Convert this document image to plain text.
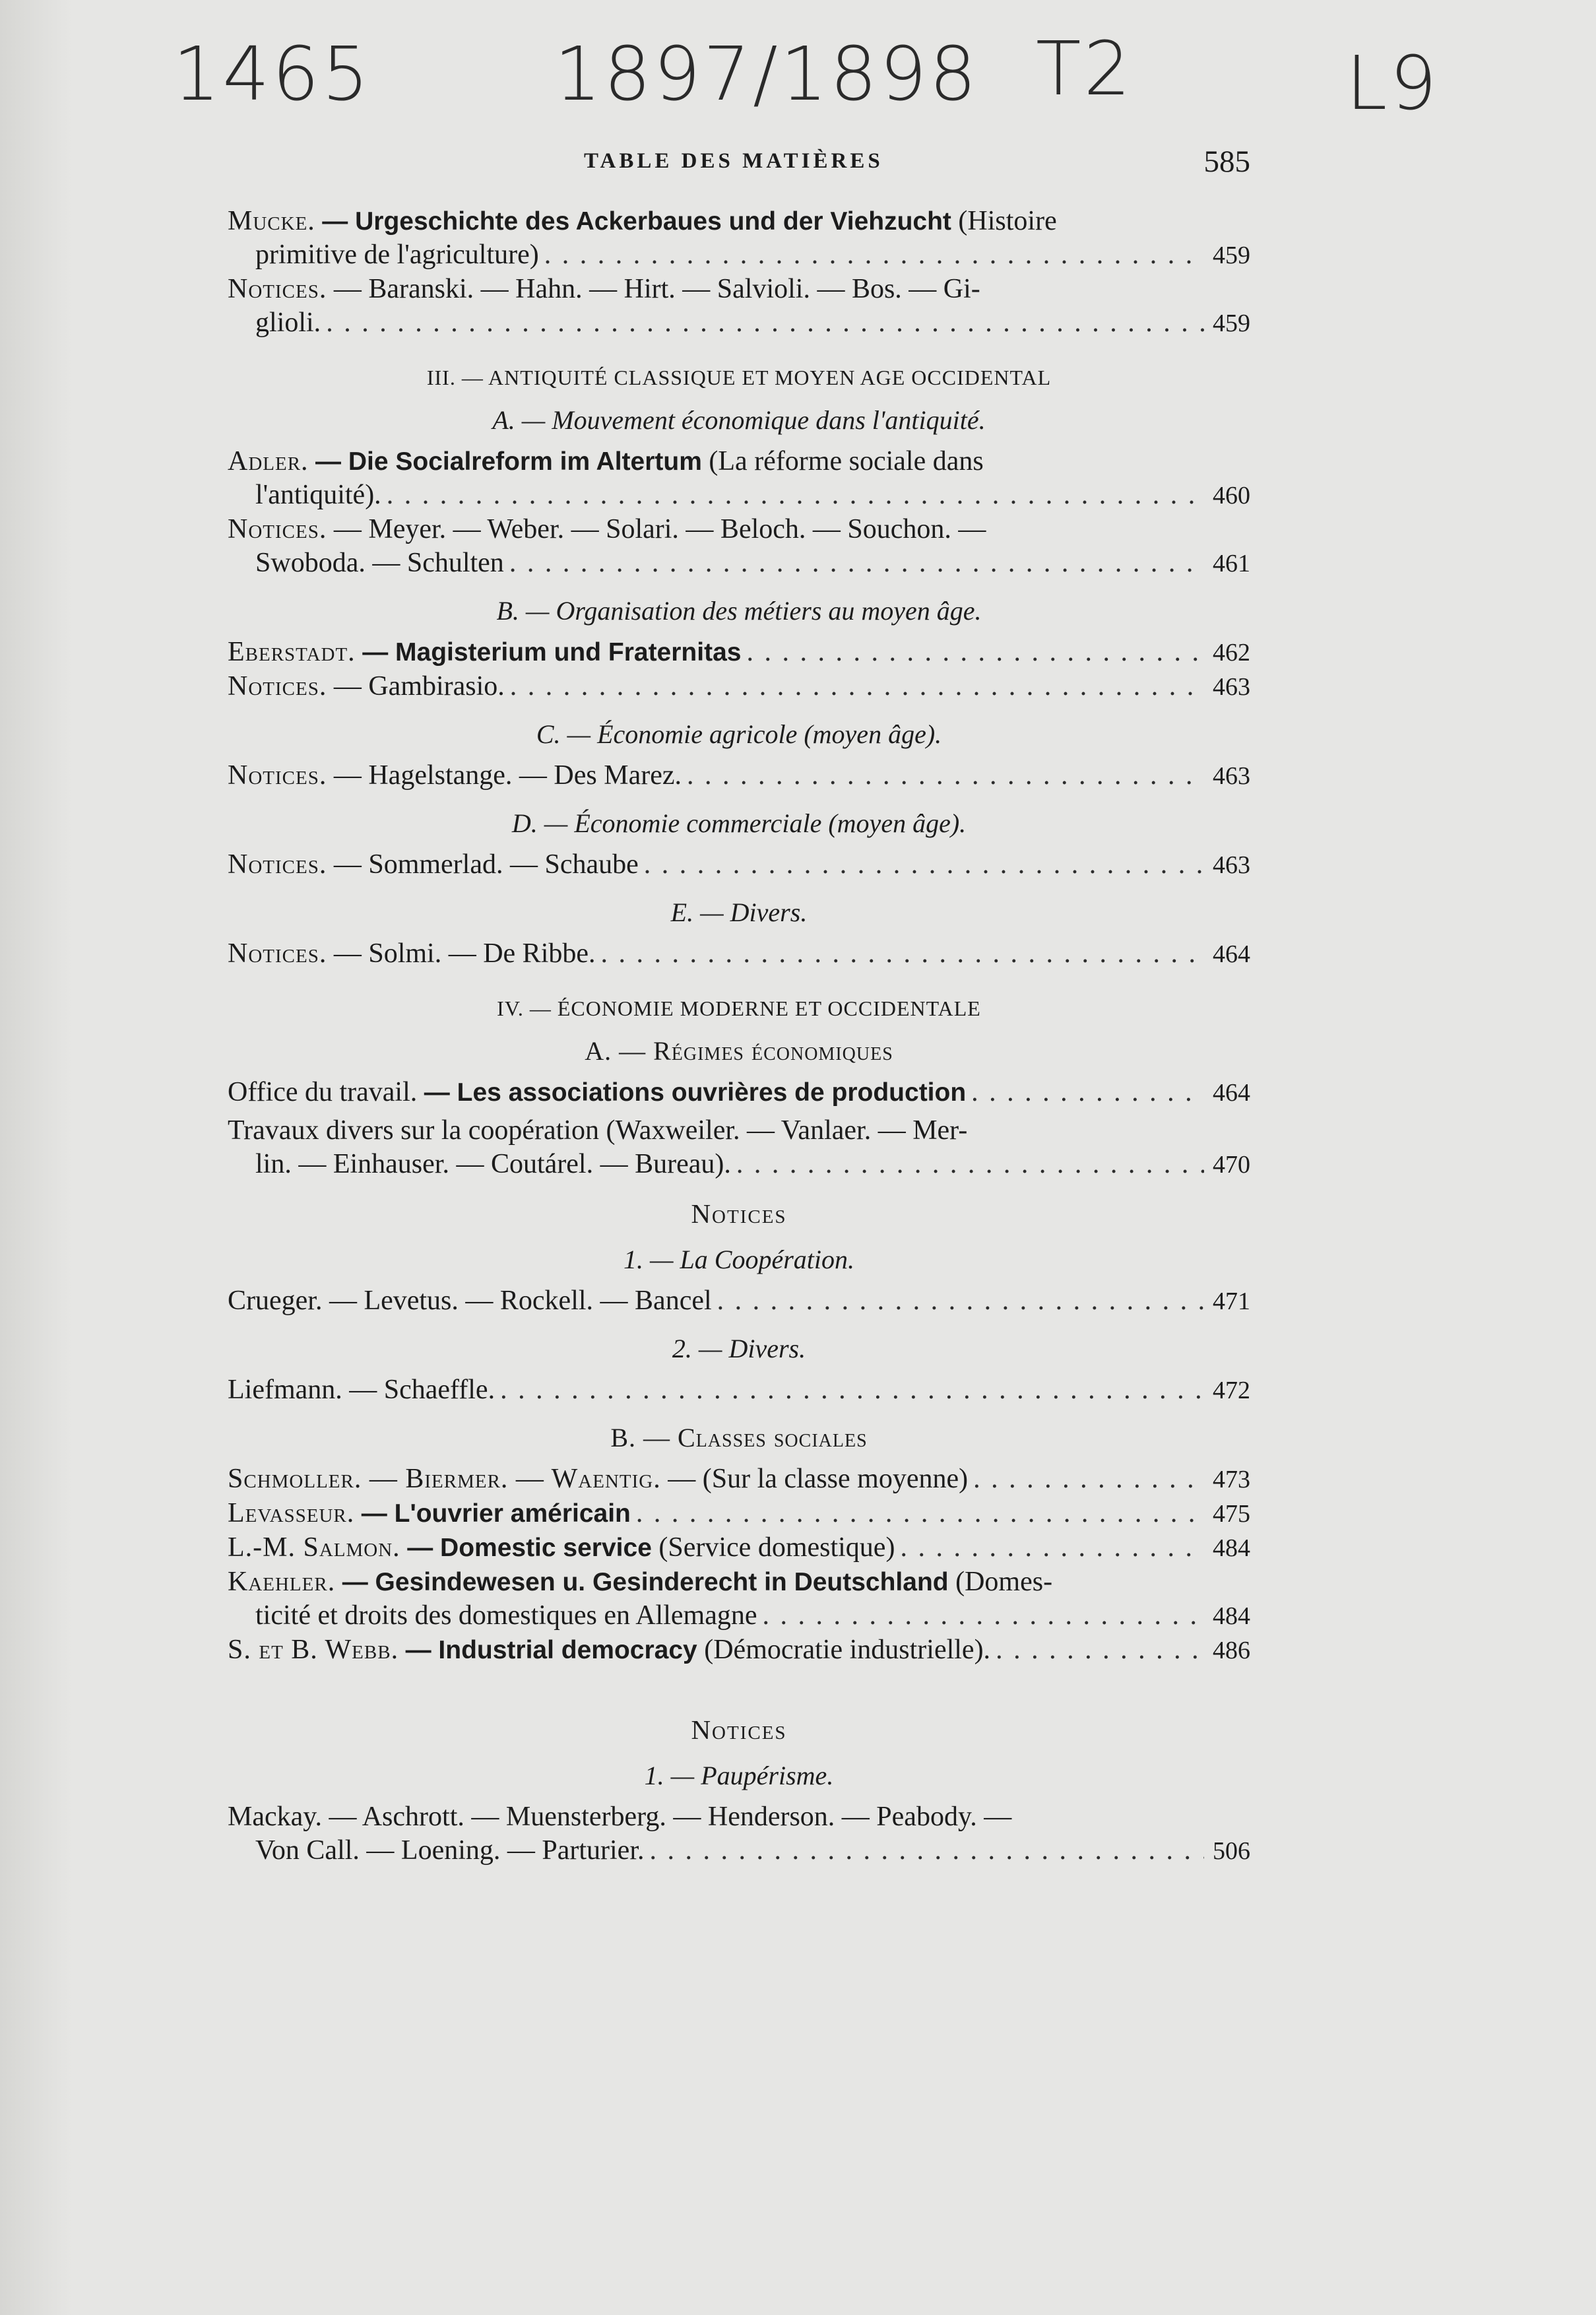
1465 1897/1898 T2	L9
TABLE DES MATIÈRES	585
Mucke. — Urgeschichte des Ackerbaues und der Viehzucht (Histoire
primitive de l'agriculture) . . .	459
Notices. — Baranski. — Hahn. — Hirt. — Salvioli. — Bos. — Gi-
glioli. . . .	459
III. — ANTIQUITÉ CLASSIQUE ET MOYEN AGE OCCIDENTAL
A. — Mouvement économique dans l'antiquité.
Adler. — Die Socialreform im Altertum (La réforme sociale dans
l'antiquité). . . .	460
Notices. — Meyer. — Weber. — Solari. — Beloch. — Souchon. —
Swoboda. — Schulten . . .	461
B. — Organisation des métiers au moyen âge.
Eberstadt. — Magisterium und Fraternitas . . .	462
Notices. — Gambirasio. . . .	463
C. — Économie agricole (moyen âge).
Notices. — Hagelstange. — Des Marez. . . .	463
D. — Économie commerciale (moyen âge).
Notices. — Sommerlad. — Schaube . . .	463
E. — Divers.
Notices. — Solmi. — De Ribbe. . . .	464
IV. — ÉCONOMIE MODERNE ET OCCIDENTALE
A. — Régimes économiques
Office du travail. — Les associations ouvrières de production . . .	464
Travaux divers sur la coopération (Waxweiler. — Vanlaer. — Mer-
lin. — Einhauser. — Coutárel. — Bureau). . . .	470
Notices
1. — La Coopération.
Crueger. — Levetus. — Rockell. — Bancel . . .	471
2. — Divers.
Liefmann. — Schaeffle. . . .	472
B. — Classes sociales
Schmoller. — Biermer. — Waentig. — (Sur la classe moyenne) . . .	473
Levasseur. — L'ouvrier américain . . .	475
L.-M. Salmon. — Domestic service (Service domestique) . . .	484
Kaehler. — Gesindewesen u. Gesinderecht in Deutschland (Domes-
ticité et droits des domestiques en Allemagne . . .	484
S. et B. Webb. — Industrial democracy (Démocratie industrielle). . . .	486
Notices
1. — Paupérisme.
Mackay. — Aschrott. — Muensterberg. — Henderson. — Peabody. —
Von Call. — Loening. — Parturier. . . .	506
